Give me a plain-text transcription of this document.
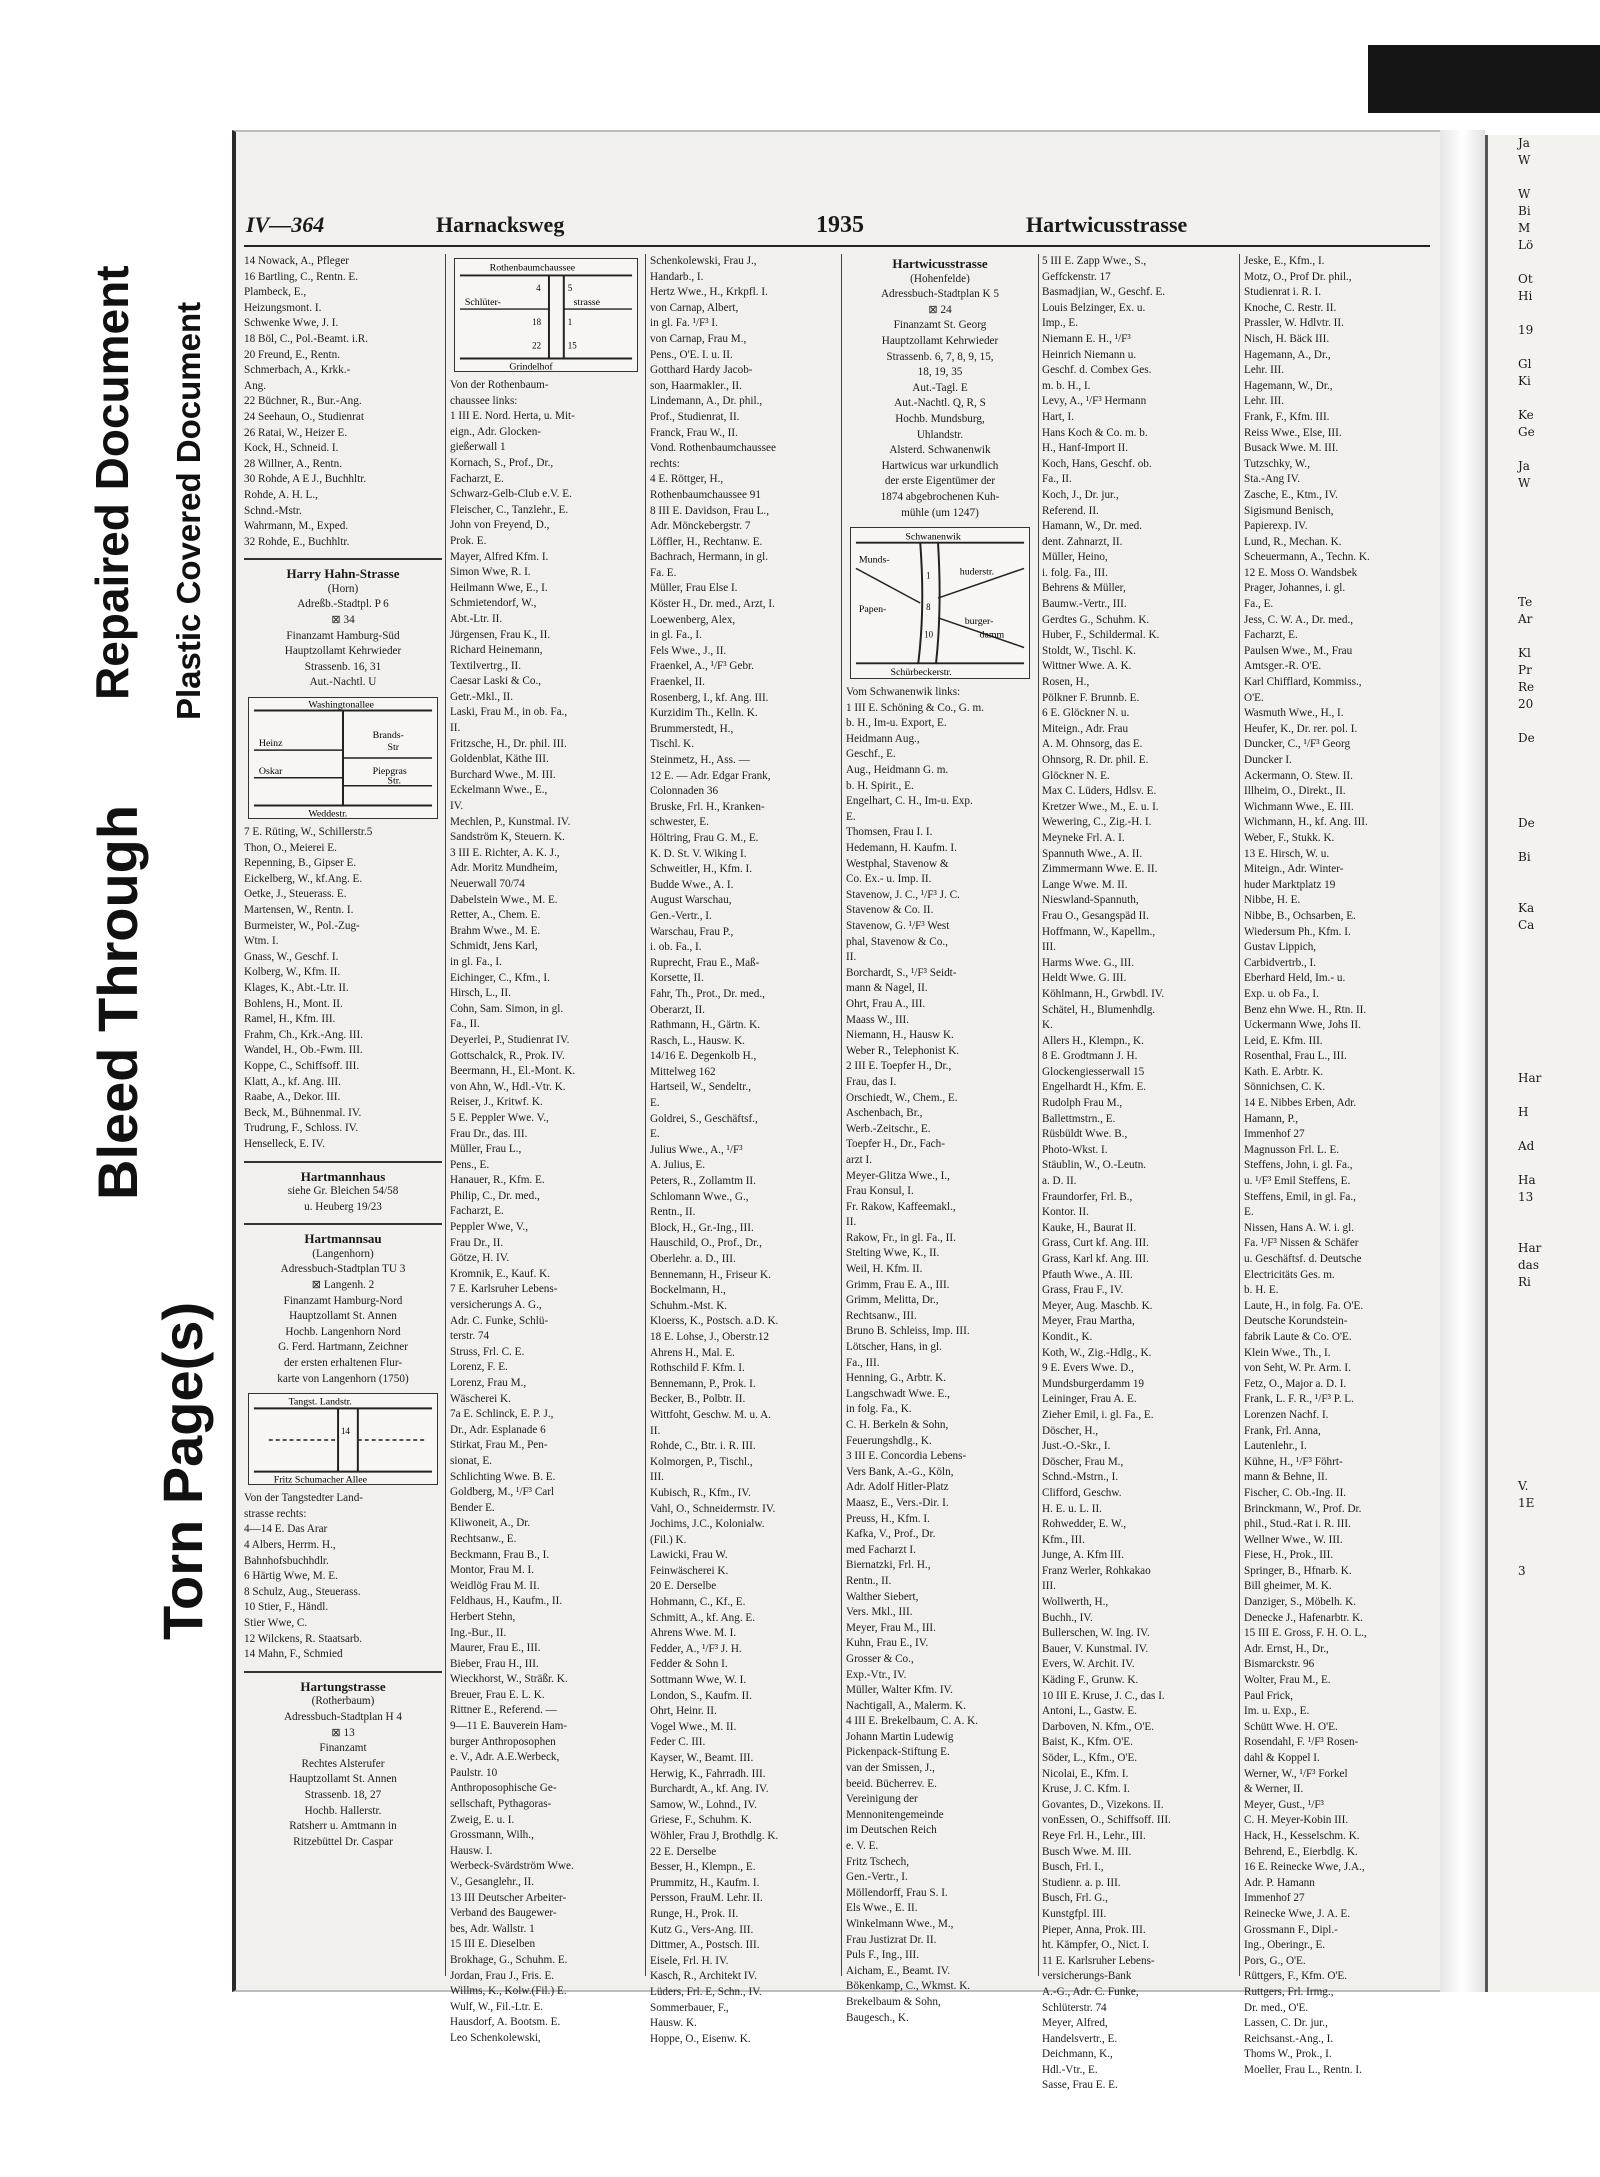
Repaired Document Plastic Covered Document
Bleed Through
Torn Page(s)
Ja
W

W
Bi
M
Lö

Ot
Hi

19

Gl
Ki

Ke
Ge

Ja
W

Te
Ar

Kl
Pr
Re
20

De

De

Bi

Ka
Ca

Har

H

Ad

Ha
13

Har
das
Ri

V.
1E

3
IV—364	Harnacksweg	1935	Hartwicusstrasse
14 Nowack, A., Pfleger
16 Bartling, C., Rentn. E.
Plambeck, E.,
Heizungsmont. I.
Schwenke Wwe, J. I.
18 Böl, C., Pol.-Beamt. i.R.
20 Freund, E., Rentn.
Schmerbach, A., Krkk.-
Ang.
22 Büchner, R., Bur.-Ang.
24 Seehaun, O., Studienrat
26 Ratai, W., Heizer E.
Kock, H., Schneid. I.
28 Willner, A., Rentn.
30 Rohde, A E J., Buchhltr.
Rohde, A. H. L.,
Schnd.-Mstr.
Wahrmann, M., Exped.
32 Rohde, E., Buchhltr.
Harry Hahn-Strasse
(Horn)
Adreßb.-Stadtpl. P 6
⊠ 34
Finanzamt Hamburg-Süd
Hauptzollamt Kehrwieder
Strassenb. 16, 31
Aut.-Nachtl. U
Washingtonallee
Heinz
Brands-
Str
Oskar	Piepgras
Str.
Weddestr.
7 E. Rüting, W., Schillerstr.5
Thon, O., Meierei E.
Repenning, B., Gipser E.
Eickelberg, W., kf.Ang. E.
Oetke, J., Steuerass. E.
Martensen, W., Rentn. I.
Burmeister, W., Pol.-Zug-
Wtm. I.
Gnass, W., Geschf. I.
Kolberg, W., Kfm. II.
Klages, K., Abt.-Ltr. II.
Bohlens, H., Mont. II.
Ramel, H., Kfm. III.
Frahm, Ch., Krk.-Ang. III.
Wandel, H., Ob.-Fwm. III.
Koppe, C., Schiffsoff. III.
Klatt, A., kf. Ang. III.
Raabe, A., Dekor. III.
Beck, M., Bühnenmal. IV.
Trudrung, F., Schloss. IV.
Henselleck, E. IV.
Hartmannhaus
siehe Gr. Bleichen 54/58
u. Heuberg 19/23
Hartmannsau
(Langenhorn)
Adressbuch-Stadtplan TU 3
⊠ Langenh. 2
Finanzamt Hamburg-Nord
Hauptzollamt St. Annen
Hochb. Langenhorn Nord
G. Ferd. Hartmann, Zeichner
der ersten erhaltenen Flur-
karte von Langenhorn (1750)
Tangst. Landstr.
14
Fritz Schumacher Allee
Von der Tangstedter Land-
strasse rechts:
4—14 E. Das Arar
4 Albers, Herrm. H.,
Bahnhofsbuchhdlr.
6 Härtig Wwe, M. E.
8 Schulz, Aug., Steuerass.
10 Stier, F., Händl.
Stier Wwe, C.
12 Wilckens, R. Staatsarb.
14 Mahn, F., Schmied
Hartungstrasse
(Rotherbaum)
Adressbuch-Stadtplan H 4
⊠ 13
Finanzamt
Rechtes Alsterufer
Hauptzollamt St. Annen
Strassenb. 18, 27
Hochb. Hallerstr.
Ratsherr u. Amtmann in
Ritzebüttel Dr. Caspar
Rothenbaumchaussee
Schlüter-	strasse
Grindelhof
4	5
1
18
22	15
Von der Rothenbaum-
chaussee links:
1 III E. Nord. Herta, u. Mit-
eign., Adr. Glocken-
gießerwall 1
Kornach, S., Prof., Dr.,
Facharzt, E.
Schwarz-Gelb-Club e.V. E.
Fleischer, C., Tanzlehr., E.
John von Freyend, D.,
Prok. E.
Mayer, Alfred Kfm. I.
Simon Wwe, R. I.
Heilmann Wwe, E., I.
Schmietendorf, W.,
Abt.-Ltr. II.
Jürgensen, Frau K., II.
Richard Heinemann,
Textilvertrg., II.
Caesar Laski & Co.,
Getr.-Mkl., II.
Laski, Frau M., in ob. Fa.,
II.
Fritzsche, H., Dr. phil. III.
Goldenblat, Käthe III.
Burchard Wwe., M. III.
Eckelmann Wwe., E.,
IV.
Mechlen, P., Kunstmal. IV.
Sandström K, Steuern. K.
3 III E. Richter, A. K. J.,
Adr. Moritz Mundheim,
Neuerwall 70/74
Dabelstein Wwe., M. E.
Retter, A., Chem. E.
Brahm Wwe., M. E.
Schmidt, Jens Karl,
in gl. Fa., I.
Eichinger, C., Kfm., I.
Hirsch, L., II.
Cohn, Sam. Simon, in gl.
Fa., II.
Deyerlei, P., Studienrat IV.
Gottschalck, R., Prok. IV.
Beermann, H., El.-Mont. K.
von Ahn, W., Hdl.-Vtr. K.
Reiser, J., Kritwf. K.
5 E. Peppler Wwe. V.,
Frau Dr., das. III.
Müller, Frau L.,
Pens., E.
Hanauer, R., Kfm. E.
Philip, C., Dr. med.,
Facharzt, E.
Peppler Wwe, V.,
Frau Dr., II.
Götze, H. IV.
Kromnik, E., Kauf. K.
7 E. Karlsruher Lebens-
versicherungs A. G.,
Adr. C. Funke, Schlü-
terstr. 74
Struss, Frl. C. E.
Lorenz, F. E.
Lorenz, Frau M.,
Wäscherei K.
7a E. Schlinck, E. P. J.,
Dr., Adr. Esplanade 6
Stirkat, Frau M., Pen-
sionat, E.
Schlichting Wwe. B. E.
Goldberg, M., ¹/F³ Carl
Bender E.
Kliwoneit, A., Dr.
Rechtsanw., E.
Beckmann, Frau B., I.
Montor, Frau M. I.
Weidlög Frau M. II.
Feldhaus, H., Kaufm., II.
Herbert Stehn,
Ing.-Bur., II.
Maurer, Frau E., III.
Bieber, Frau H., III.
Wieckhorst, W., Sträßr. K.
Breuer, Frau E. L. K.
Rittner E., Referend. —
9—11 E. Bauverein Ham-
burger Anthroposophen
e. V., Adr. A.E.Werbeck,
Paulstr. 10
Anthroposophische Ge-
sellschaft, Pythagoras-
Zweig, E. u. I.
Grossmann, Wilh.,
Hausw. I.
Werbeck-Svärdström Wwe.
V., Gesanglehr., II.
13 III Deutscher Arbeiter-
Verband des Baugewer-
bes, Adr. Wallstr. 1
15 III E. Dieselben
Brokhage, G., Schuhm. E.
Jordan, Frau J., Fris. E.
Willms, K., Kolw.(Fil.) E.
Wulf, W., Fil.-Ltr. E.
Hausdorf, A. Bootsm. E.
Leo Schenkolewski,
Schenkolewski, Frau J.,
Handarb., I.
Hertz Wwe., H., Krkpfl. I.
von Carnap, Albert,
in gl. Fa. ¹/F³ I.
von Carnap, Frau M.,
Pens., O'E. I. u. II.
Gotthard Hardy Jacob-
son, Haarmakler., II.
Lindemann, A., Dr. phil.,
Prof., Studienrat, II.
Franck, Frau W., II.
Vond. Rothenbaumchaussee
rechts:
4 E. Röttger, H.,
Rothenbaumchaussee 91
8 III E. Davidson, Frau L.,
Adr. Mönckebergstr. 7
Löffler, H., Rechtanw. E.
Bachrach, Hermann, in gl.
Fa. E.
Müller, Frau Else I.
Köster H., Dr. med., Arzt, I.
Loewenberg, Alex,
in gl. Fa., I.
Fels Wwe., J., II.
Fraenkel, A., ¹/F³ Gebr.
Fraenkel, II.
Rosenberg, I., kf. Ang. III.
Kurzidim Th., Kelln. K.
Brummerstedt, H.,
Tischl. K.
Steinmetz, H., Ass. —
12 E. — Adr. Edgar Frank,
Colonnaden 36
Bruske, Frl. H., Kranken-
schwester, E.
Höltring, Frau G. M., E.
K. D. St. V. Wiking I.
Schweitler, H., Kfm. I.
Budde Wwe., A. I.
August Warschau,
Gen.-Vertr., I.
Warschau, Frau P.,
i. ob. Fa., I.
Ruprecht, Frau E., Maß-
Korsette, II.
Fahr, Th., Prot., Dr. med.,
Oberarzt, II.
Rathmann, H., Gärtn. K.
Rasch, L., Hausw. K.
14/16 E. Degenkolb H.,
Mittelweg 162
Hartseil, W., Sendeltr.,
E.
Goldrei, S., Geschäftsf.,
E.
Julius Wwe., A., ¹/F³
A. Julius, E.
Peters, R., Zollamtm II.
Schlomann Wwe., G.,
Rentn., II.
Block, H., Gr.-Ing., III.
Hauschild, O., Prof., Dr.,
Oberlehr. a. D., III.
Bennemann, H., Friseur K.
Bockelmann, H.,
Schuhm.-Mst. K.
Kloerss, K., Postsch. a.D. K.
18 E. Lohse, J., Oberstr.12
Ahrens H., Mal. E.
Rothschild F. Kfm. I.
Bennemann, P., Prok. I.
Becker, B., Polbtr. II.
Wittfoht, Geschw. M. u. A.
II.
Rohde, C., Btr. i. R. III.
Kolmorgen, P., Tischl.,
III.
Kubisch, R., Kfm., IV.
Vahl, O., Schneidermstr. IV.
Jochims, J.C., Kolonialw.
(Fil.) K.
Lawicki, Frau W.
Feinwäscherei K.
20 E. Derselbe
Hohmann, C., Kf., E.
Schmitt, A., kf. Ang. E.
Ahrens Wwe. M. I.
Fedder, A., ¹/F³ J. H.
Fedder & Sohn I.
Sottmann Wwe, W. I.
London, S., Kaufm. II.
Ohrt, Heinr. II.
Vogel Wwe., M. II.
Feder C. III.
Kayser, W., Beamt. III.
Herwig, K., Fahrradh. III.
Burchardt, A., kf. Ang. IV.
Samow, W., Lohnd., IV.
Griese, F., Schuhm. K.
Wöhler, Frau J, Brothdlg. K.
22 E. Derselbe
Besser, H., Klempn., E.
Prummitz, H., Kaufm. I.
Persson, FrauM. Lehr. II.
Runge, H., Prok. II.
Kutz G., Vers-Ang. III.
Dittmer, A., Postsch. III.
Eisele, Frl. H. IV.
Kasch, R., Architekt IV.
Lüders, Frl. E, Schn., IV.
Sommerbauer, F.,
Hausw. K.
Hoppe, O., Eisenw. K.
Hartwicusstrasse
(Hohenfelde)
Adressbuch-Stadtplan K 5
⊠ 24
Finanzamt St. Georg
Hauptzollamt Kehrwieder
Strassenb. 6, 7, 8, 9, 15,
18, 19, 35
Aut.-Tagl. E
Aut.-Nachtl. Q, R, S
Hochb. Mundsburg,
Uhlandstr.
Alsterd. Schwanenwik
Hartwicus war urkundlich
der erste Eigentümer der
1874 abgebrochenen Kuh-
mühle (um 1247)
Schwanenwik
Munds-
Papen-
huderstr.
burger-
damm
Schürbeckerstr.
1
8
10
Vom Schwanenwik links:
1 III E. Schöning & Co., G. m.
b. H., Im-u. Export, E.
Heidmann Aug.,
Geschf., E.
Aug., Heidmann G. m.
b. H. Spirit., E.
Engelhart, C. H., Im-u. Exp.
E.
Thomsen, Frau I. I.
Hedemann, H. Kaufm. I.
Westphal, Stavenow &
Co. Ex.- u. Imp. II.
Stavenow, J. C., ¹/F³ J. C.
Stavenow & Co. II.
Stavenow, G. ¹/F³ West
phal, Stavenow & Co.,
II.
Borchardt, S., ¹/F³ Seidt-
mann & Nagel, II.
Ohrt, Frau A., III.
Maass W., III.
Niemann, H., Hausw K.
Weber R., Telephonist K.
2 III E. Toepfer H., Dr.,
Frau, das I.
Orschiedt, W., Chem., E.
Aschenbach, Br.,
Werb.-Zeitschr., E.
Toepfer H., Dr., Fach-
arzt I.
Meyer-Glitza Wwe., I.,
Frau Konsul, I.
Fr. Rakow, Kaffeemakl.,
II.
Rakow, Fr., in gl. Fa., II.
Stelting Wwe, K., II.
Weil, H. Kfm. II.
Grimm, Frau E. A., III.
Grimm, Melitta, Dr.,
Rechtsanw., III.
Bruno B. Schleiss, Imp. III.
Lötscher, Hans, in gl.
Fa., III.
Henning, G., Arbtr. K.
Langschwadt Wwe. E.,
in folg. Fa., K.
C. H. Berkeln & Sohn,
Feuerungshdlg., K.
3 III E. Concordia Lebens-
Vers Bank, A.-G., Köln,
Adr. Adolf Hitler-Platz
Maasz, E., Vers.-Dir. I.
Preuss, H., Kfm. I.
Kafka, V., Prof., Dr.
med Facharzt I.
Biernatzki, Frl. H.,
Rentn., II.
Walther Siebert,
Vers. Mkl., III.
Meyer, Frau M., III.
Kuhn, Frau E., IV.
Grosser & Co.,
Exp.-Vtr., IV.
Müller, Walter Kfm. IV.
Nachtigall, A., Malerm. K.
4 III E. Brekelbaum, C. A. K.
Johann Martin Ludewig
Pickenpack-Stiftung E.
van der Smissen, J.,
beeid. Bücherrev. E.
Vereinigung der
Mennonitengemeinde
im Deutschen Reich
e. V. E.
Fritz Tschech,
Gen.-Vertr., I.
Möllendorff, Frau S. I.
Els Wwe., E. II.
Winkelmann Wwe., M.,
Frau Justizrat Dr. II.
Puls F., Ing., III.
Aicham, E., Beamt. IV.
Bökenkamp, C., Wkmst. K.
Brekelbaum & Sohn,
Baugesch., K.
5 III E. Zapp Wwe., S.,
Geffckenstr. 17
Basmadjian, W., Geschf. E.
Louis Belzinger, Ex. u.
Imp., E.
Niemann E. H., ¹/F³
Heinrich Niemann u.
Geschf. d. Combex Ges.
m. b. H., I.
Levy, A., ¹/F³ Hermann
Hart, I.
Hans Koch & Co. m. b.
H., Hanf-Import II.
Koch, Hans, Geschf. ob.
Fa., II.
Koch, J., Dr. jur.,
Referend. II.
Hamann, W., Dr. med.
dent. Zahnarzt, II.
Müller, Heino,
i. folg. Fa., III.
Behrens & Müller,
Baumw.-Vertr., III.
Gerdtes G., Schuhm. K.
Huber, F., Schildermal. K.
Stoldt, W., Tischl. K.
Wittner Wwe. A. K.
Rosen, H.,
Pölkner F. Brunnb. E.
6 E. Glöckner N. u.
Miteign., Adr. Frau
A. M. Ohnsorg, das E.
Ohnsorg, R. Dr. phil. E.
Glöckner N. E.
Max C. Lüders, Hdlsv. E.
Kretzer Wwe., M., E. u. I.
Wewering, C., Zig.-H. I.
Meyneke Frl. A. I.
Spannuth Wwe., A. II.
Zimmermann Wwe. E. II.
Lange Wwe. M. II.
Nieswland-Spannuth,
Frau O., Gesangspäd II.
Hoffmann, W., Kapellm.,
III.
Harms Wwe. G., III.
Heldt Wwe. G. III.
Köhlmann, H., Grwbdl. IV.
Schätel, H., Blumenhdlg.
K.
Allers H., Klempn., K.
8 E. Grodtmann J. H.
Glockengiesserwall 15
Engelhardt H., Kfm. E.
Rudolph Frau M.,
Ballettmstrn., E.
Rüsbüldt Wwe. B.,
Photo-Wkst. I.
Stäublin, W., O.-Leutn.
a. D. II.
Fraundorfer, Frl. B.,
Kontor. II.
Kauke, H., Baurat II.
Grass, Curt kf. Ang. III.
Grass, Karl kf. Ang. III.
Pfauth Wwe., A. III.
Grass, Frau F., IV.
Meyer, Aug. Maschb. K.
Meyer, Frau Martha,
Kondit., K.
Koth, W., Zig.-Hdlg., K.
9 E. Evers Wwe. D.,
Mundsburgerdamm 19
Leininger, Frau A. E.
Zieher Emil, i. gl. Fa., E.
Döscher, H.,
Just.-O.-Skr., I.
Döscher, Frau M.,
Schnd.-Mstrn., I.
Clifford, Geschw.
H. E. u. L. II.
Rohwedder, E. W.,
Kfm., III.
Junge, A. Kfm III.
Franz Werler, Rohkakao
III.
Wollwerth, H.,
Buchh., IV.
Bullerschen, W. Ing. IV.
Bauer, V. Kunstmal. IV.
Evers, W. Archit. IV.
Käding F., Grunw. K.
10 III E. Kruse, J. C., das I.
Antoni, L., Gastw. E.
Darboven, N. Kfm., O'E.
Baist, K., Kfm. O'E.
Söder, L., Kfm., O'E.
Nicolai, E., Kfm. I.
Kruse, J. C. Kfm. I.
Govantes, D., Vizekons. II.
vonEssen, O., Schiffsoff. III.
Reye Frl. H., Lehr., III.
Busch Wwe. M. III.
Busch, Frl. I.,
Studienr. a. p. III.
Busch, Frl. G.,
Kunstgfpl. III.
Pieper, Anna, Prok. III.
ht. Kämpfer, O., Nict. I.
11 E. Karlsruher Lebens-
versicherungs-Bank
A.-G., Adr. C. Funke,
Schlüterstr. 74
Meyer, Alfred,
Handelsvertr., E.
Deichmann, K.,
Hdl.-Vtr., E.
Sasse, Frau E. E.
Jeske, E., Kfm., I.
Motz, O., Prof Dr. phil.,
Studienrat i. R. I.
Knoche, C. Restr. II.
Prassler, W. Hdlvtr. II.
Nisch, H. Bäck III.
Hagemann, A., Dr.,
Lehr. III.
Hagemann, W., Dr.,
Lehr. III.
Frank, F., Kfm. III.
Reiss Wwe., Else, III.
Busack Wwe. M. III.
Tutzschky, W.,
Sta.-Ang IV.
Zasche, E., Ktm., IV.
Sigismund Benisch,
Papierexp. IV.
Lund, R., Mechan. K.
Scheuermann, A., Techn. K.
12 E. Moss O. Wandsbek
Prager, Johannes, i. gl.
Fa., E.
Jess, C. W. A., Dr. med.,
Facharzt, E.
Paulsen Wwe., M., Frau
Amtsger.-R. O'E.
Karl Chifflard, Kommiss.,
O'E.
Wasmuth Wwe., H., I.
Heufer, K., Dr. rer. pol. I.
Duncker, C., ¹/F³ Georg
Duncker I.
Ackermann, O. Stew. II.
Illheim, O., Direkt., II.
Wichmann Wwe., E. III.
Wichmann, H., kf. Ang. III.
Weber, F., Stukk. K.
13 E. Hirsch, W. u.
Miteign., Adr. Winter-
huder Marktplatz 19
Nibbe, H. E.
Nibbe, B., Ochsarben, E.
Wiedersum Ph., Kfm. I.
Gustav Lippich,
Carbidvertrb., I.
Eberhard Held, Im.- u.
Exp. u. ob Fa., I.
Benz ehn Wwe. H., Rtn. II.
Uckermann Wwe, Johs II.
Leid, E. Kfm. III.
Rosenthal, Frau L., III.
Kath. E. Arbtr. K.
Sönnichsen, C. K.
14 E. Nibbes Erben, Adr.
Hamann, P.,
Immenhof 27
Magnusson Frl. L. E.
Steffens, John, i. gl. Fa.,
u. ¹/F³ Emil Steffens, E.
Steffens, Emil, in gl. Fa.,
E.
Nissen, Hans A. W. i. gl.
Fa. ¹/F³ Nissen & Schäfer
u. Geschäftsf. d. Deutsche
Electricitäts Ges. m.
b. H. E.
Laute, H., in folg. Fa. O'E.
Deutsche Korundstein-
fabrik Laute & Co. O'E.
Klein Wwe., Th., I.
von Seht, W. Pr. Arm. I.
Fetz, O., Major a. D. I.
Frank, L. F. R., ¹/F³ P. L.
Lorenzen Nachf. I.
Frank, Frl. Anna,
Lautenlehr., I.
Kühne, H., ¹/F³ Föhrt-
mann & Behne, II.
Fischer, C. Ob.-Ing. II.
Brinckmann, W., Prof. Dr.
phil., Stud.-Rat i. R. III.
Wellner Wwe., W. III.
Fiese, H., Prok., III.
Springer, B., Hfnarb. K.
Bill gheimer, M. K.
Danziger, S., Möbelh. K.
Denecke J., Hafenarbtr. K.
15 III E. Gross, F. H. O. L.,
Adr. Ernst, H., Dr.,
Bismarckstr. 96
Wolter, Frau M., E.
Paul Frick,
Im. u. Exp., E.
Schütt Wwe. H. O'E.
Rosendahl, F. ¹/F³ Rosen-
dahl & Koppel I.
Werner, W., ¹/F³ Forkel
& Werner, II.
Meyer, Gust., ¹/F³
C. H. Meyer-Kobin III.
Hack, H., Kesselschm. K.
Behrend, E., Eierbdlg. K.
16 E. Reinecke Wwe, J.A.,
Adr. P. Hamann
Immenhof 27
Reinecke Wwe, J. A. E.
Grossmann F., Dipl.-
Ing., Oberingr., E.
Pors, G., O'E.
Rüttgers, F., Kfm. O'E.
Ruttgers, Frl. Irmg.,
Dr. med., O'E.
Lassen, C. Dr. jur.,
Reichsanst.-Ang., I.
Thoms W., Prok., I.
Moeller, Frau L., Rentn. I.
